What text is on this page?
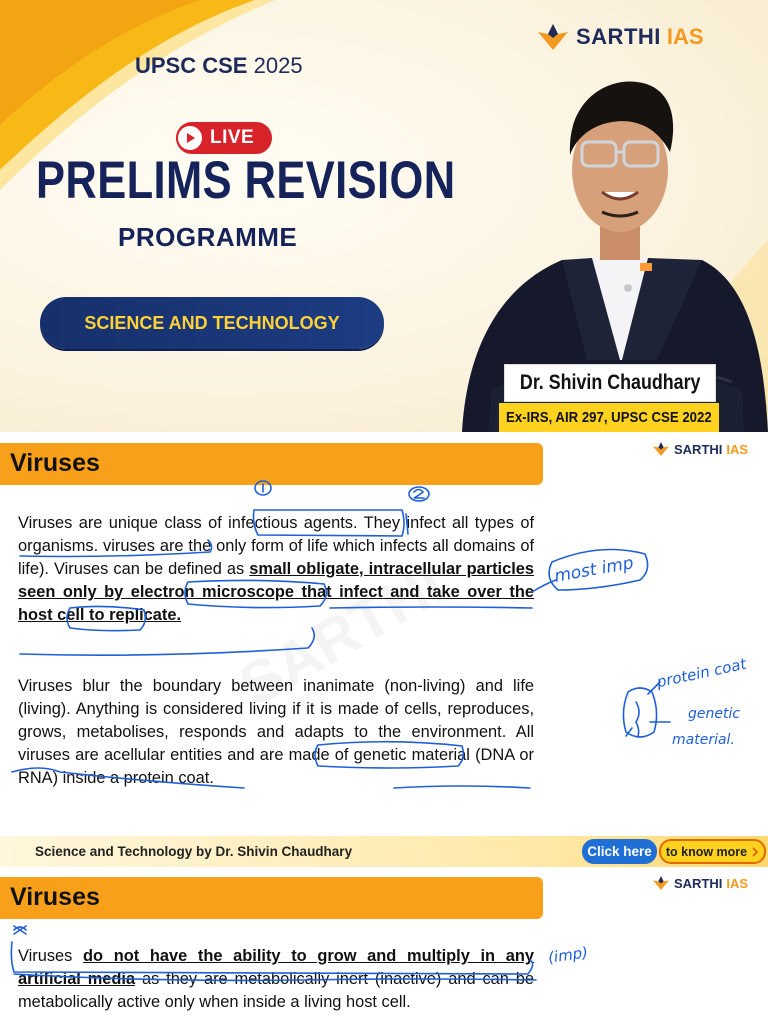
SARTHI IAS
UPSC CSE 2025
LIVE
PRELIMS REVISION
PROGRAMME
SCIENCE AND TECHNOLOGY
Dr. Shivin Chaudhary
Ex-IRS, AIR 297, UPSC CSE 2022
Viruses	SARTHI IAS
Viruses are unique class of infectious agents. They infect all types of organisms. viruses are the only form of life which infects all domains of life). Viruses can be defined as small obligate, intracellular particles seen only by electron microscope that infect and take over the host cell to replicate.
Viruses blur the boundary between inanimate (non-living) and life (living). Anything is considered living if it is made of cells, reproduces, grows, metabolises, responds and adapts to the environment. All viruses are acellular entities and are made of genetic material (DNA or RNA) inside a protein coat.
most imp
protein coat
genetic
material.
Science and Technology by Dr. Shivin Chaudhary	Click here	to know more
Viruses	SARTHI IAS
Viruses do not have the ability to grow and multiply in any artificial media as they are metabolically inert (inactive) and can be metabolically active only when inside a living host cell.
(imp)
